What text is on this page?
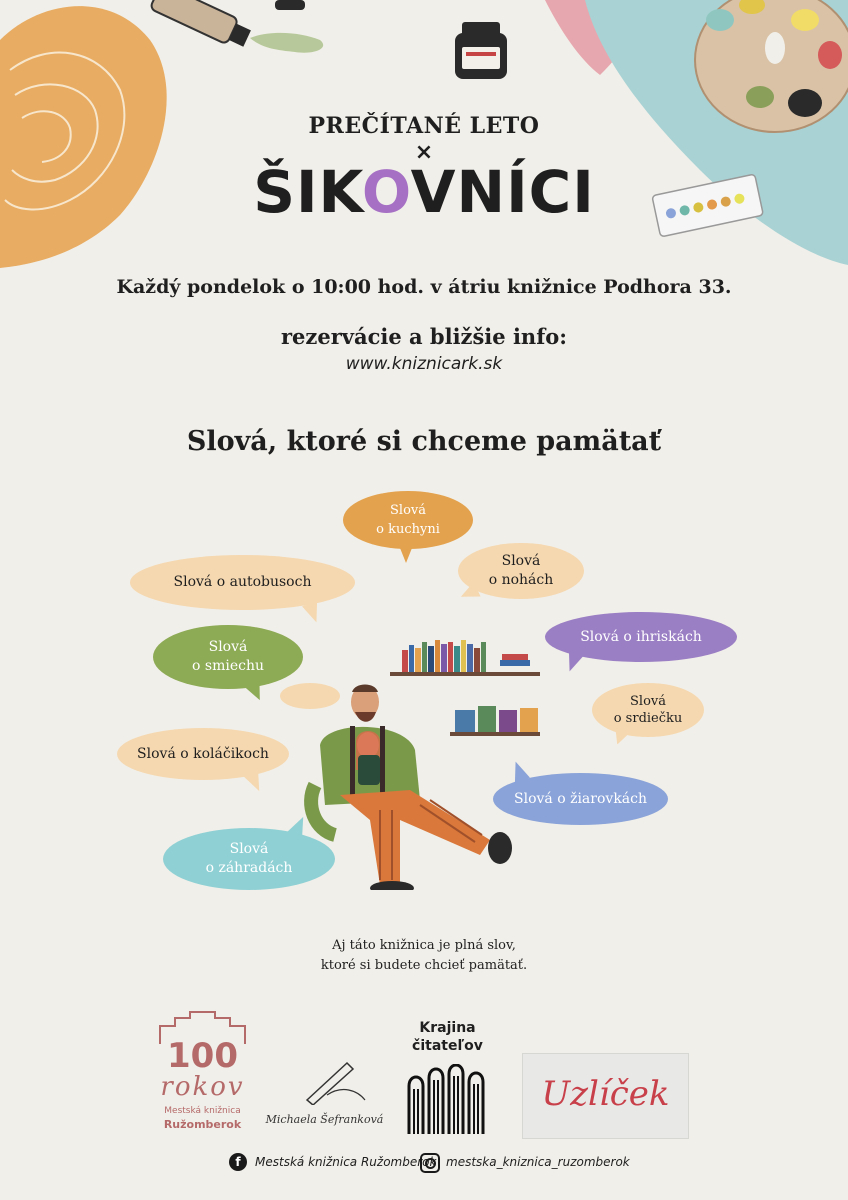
PREČÍTANÉ LETO
×
ŠIKOVNÍCI
Každý pondelok o 10:00 hod. v átriu knižnice Podhora 33.
rezervácie a bližšie info:
www.kniznicark.sk
Slová, ktoré si chceme pamätať
Slová
o kuchyni
Slová
o nohách
Slová o autobusoch
Slová o ihriskách
Slová
o smiechu
Slová
o srdiečku
Slová o koláčikoch
Slová o žiarovkách
Slová
o záhradách
Aj táto knižnica je plná slov,
ktoré si budete chcieť pamätať.
100
rokov
Mestská knižnica
Ružomberok	Michaela Šefranková
Krajina
čitateľov
Uzlíček
f	Mestská knižnica Ružomberok mestska_kniznica_ruzomberok
